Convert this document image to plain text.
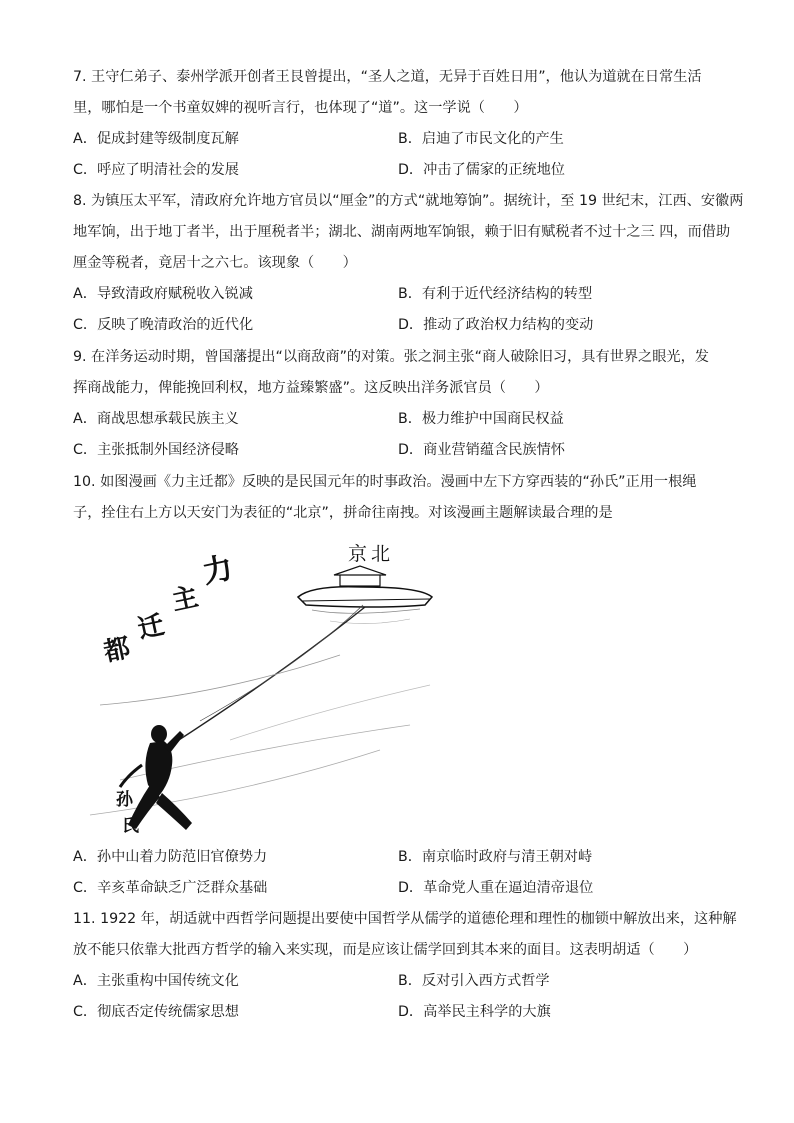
7. 王守仁弟子、泰州学派开创者王艮曾提出，“圣人之道，无异于百姓日用”，他认为道就在日常生活
里，哪怕是一个书童奴婢的视听言行，也体现了“道”。这一学说（　　）
A．促成封建等级制度瓦解	B．启迪了市民文化的产生
C．呼应了明清社会的发展	D．冲击了儒家的正统地位
8. 为镇压太平军，清政府允许地方官员以“厘金”的方式“就地筹饷”。据统计，至 19 世纪末，江西、安徽两
地军饷，出于地丁者半，出于厘税者半；湖北、湖南两地军饷银，赖于旧有赋税者不过十之三 四，而借助
厘金等税者，竟居十之六七。该现象（　　）
A．导致清政府赋税收入锐减	B．有利于近代经济结构的转型
C．反映了晚清政治的近代化	D．推动了政治权力结构的变动
9. 在洋务运动时期，曾国藩提出“以商敌商”的对策。张之洞主张“商人破除旧习，具有世界之眼光，发
挥商战能力，俾能挽回利权，地方益臻繁盛”。这反映出洋务派官员（　　）
A．商战思想承载民族主义	B．极力维护中国商民权益
C．主张抵制外国经济侵略	D．商业营销蕴含民族情怀
10. 如图漫画《力主迁都》反映的是民国元年的时事政治。漫画中左下方穿西装的“孙氏”正用一根绳
子，拴住右上方以天安门为表征的“北京”，拼命往南拽。对该漫画主题解读最合理的是
力
主
迁
都
京北
孙
氏
A．孙中山着力防范旧官僚势力	B．南京临时政府与清王朝对峙
C．辛亥革命缺乏广泛群众基础	D．革命党人重在逼迫清帝退位
11. 1922 年，胡适就中西哲学问题提出要使中国哲学从儒学的道德伦理和理性的枷锁中解放出来，这种解
放不能只依靠大批西方哲学的输入来实现，而是应该让儒学回到其本来的面目。这表明胡适（　　）
A．主张重构中国传统文化	B．反对引入西方式哲学
C．彻底否定传统儒家思想	D．高举民主科学的大旗
